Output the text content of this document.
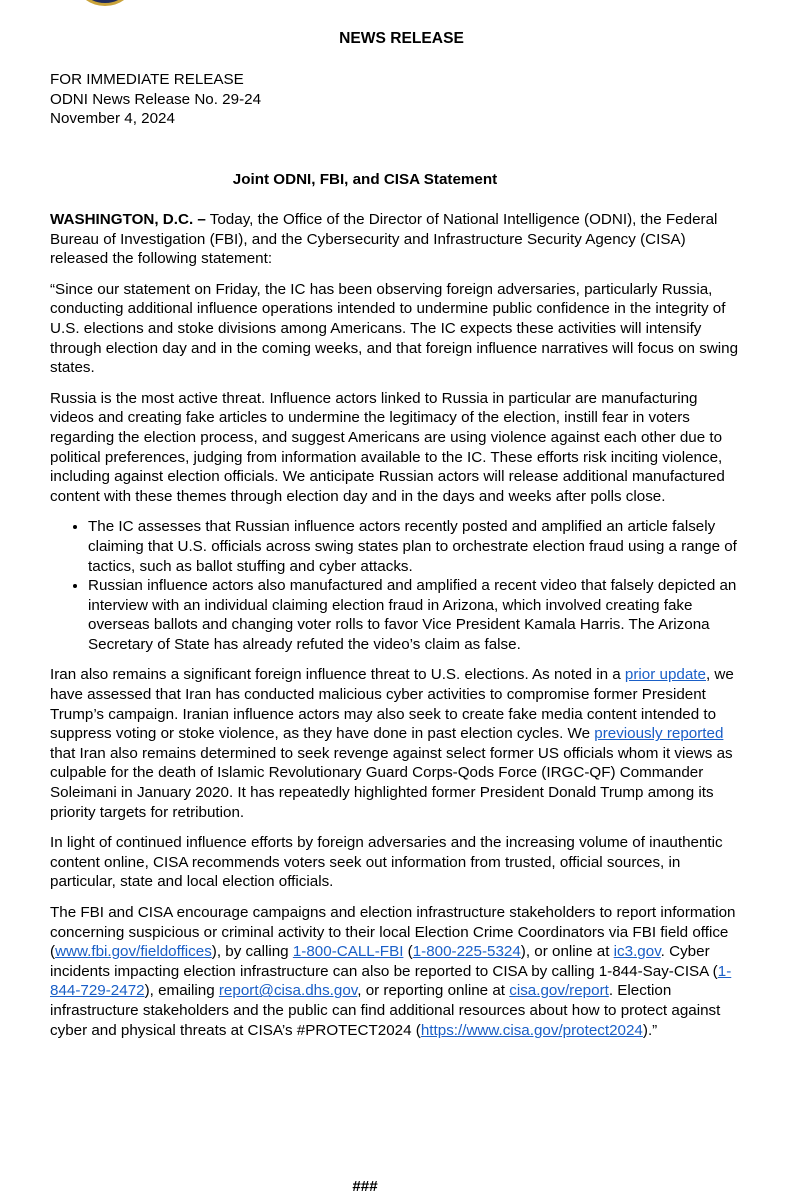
NEWS RELEASE
FOR IMMEDIATE RELEASE
ODNI News Release No. 29-24
November 4, 2024
Joint ODNI, FBI, and CISA Statement

WASHINGTON, D.C. – Today, the Office of the Director of National Intelligence (ODNI), the Federal Bureau of Investigation (FBI), and the Cybersecurity and Infrastructure Security Agency (CISA) released the following statement:

“Since our statement on Friday, the IC has been observing foreign adversaries, particularly Russia, conducting additional influence operations intended to undermine public confidence in the integrity of U.S. elections and stoke divisions among Americans. The IC expects these activities will intensify through election day and in the coming weeks, and that foreign influence narratives will focus on swing states.

Russia is the most active threat. Influence actors linked to Russia in particular are manufacturing videos and creating fake articles to undermine the legitimacy of the election, instill fear in voters regarding the election process, and suggest Americans are using violence against each other due to political preferences, judging from information available to the IC. These efforts risk inciting violence, including against election officials. We anticipate Russian actors will release additional manufactured content with these themes through election day and in the days and weeks after polls close.

• The IC assesses that Russian influence actors recently posted and amplified an article falsely claiming that U.S. officials across swing states plan to orchestrate election fraud using a range of tactics, such as ballot stuffing and cyber attacks.
• Russian influence actors also manufactured and amplified a recent video that falsely depicted an interview with an individual claiming election fraud in Arizona, which involved creating fake overseas ballots and changing voter rolls to favor Vice President Kamala Harris. The Arizona Secretary of State has already refuted the video’s claim as false.

Iran also remains a significant foreign influence threat to U.S. elections. As noted in a prior update, we have assessed that Iran has conducted malicious cyber activities to compromise former President Trump’s campaign. Iranian influence actors may also seek to create fake media content intended to suppress voting or stoke violence, as they have done in past election cycles. We previously reported that Iran also remains determined to seek revenge against select former US officials whom it views as culpable for the death of Islamic Revolutionary Guard Corps-Qods Force (IRGC-QF) Commander Soleimani in January 2020. It has repeatedly highlighted former President Donald Trump among its priority targets for retribution.

In light of continued influence efforts by foreign adversaries and the increasing volume of inauthentic content online, CISA recommends voters seek out information from trusted, official sources, in particular, state and local election officials.

The FBI and CISA encourage campaigns and election infrastructure stakeholders to report information concerning suspicious or criminal activity to their local Election Crime Coordinators via FBI field office (www.fbi.gov/fieldoffices), by calling 1-800-CALL-FBI (1-800-225-5324), or online at ic3.gov. Cyber incidents impacting election infrastructure can also be reported to CISA by calling 1-844-Say-CISA (1-844-729-2472), emailing report@cisa.dhs.gov, or reporting online at cisa.gov/report. Election infrastructure stakeholders and the public can find additional resources about how to protect against cyber and physical threats at CISA’s #PROTECT2024 (https://www.cisa.gov/protect2024).”

###
